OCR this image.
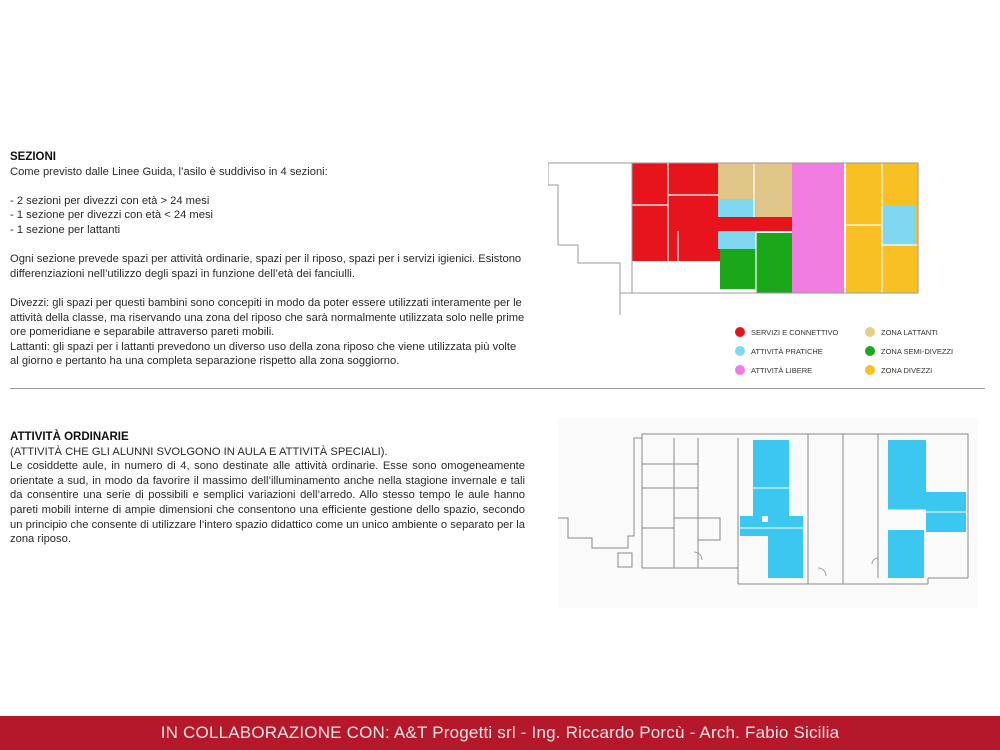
SEZIONI

Come previsto dalle Linee Guida, l’asilo è suddiviso in 4 sezioni:

- 2 sezioni per divezzi con età > 24 mesi

- 1 sezione per divezzi con età < 24 mesi

- 1 sezione per lattanti

Ogni sezione prevede spazi per attività ordinarie, spazi per il riposo, spazi per i servizi igienici. Esistono differenziazioni nell’utilizzo degli spazi in funzione dell’età dei fanciulli.

Divezzi: gli spazi per questi bambini sono concepiti in modo da poter essere utilizzati interamente per le attività della classe, ma riservando una zona del riposo che sarà normalmente utilizzata solo nelle prime ore pomeridiane e separabile attraverso pareti mobili.

Lattanti: gli spazi per i lattanti prevedono un diverso uso della zona riposo che viene utilizzata più volte al giorno e pertanto ha una completa separazione rispetto alla zona soggiorno.

SERVIZI E CONNETTIVO	ZONA LATTANTI
ATTIVITÀ PRATICHE	ZONA SEMI-DIVEZZI
ATTIVITÀ LIBERE	ZONA DIVEZZI
ATTIVITÀ ORDINARIE

(ATTIVITÀ CHE GLI ALUNNI SVOLGONO IN AULA E ATTIVITÀ SPECIALI).

Le cosiddette aule, in numero di 4, sono destinate alle attività ordinarie. Esse sono omogeneamente orientate a sud, in modo da favorire il massimo dell’illuminamento anche nella stagione invernale e tali da consentire una serie di possibili e semplici variazioni dell’arredo. Allo stesso tempo le aule hanno pareti mobili interne di ampie dimensioni che consentono una efficiente gestione dello spazio, secondo un principio che consente di utilizzare l’intero spazio didattico come un unico ambiente o separato per la zona riposo.

IN COLLABORAZIONE CON: A&T Progetti srl - Ing. Riccardo Porcù - Arch. Fabio Sicilia
